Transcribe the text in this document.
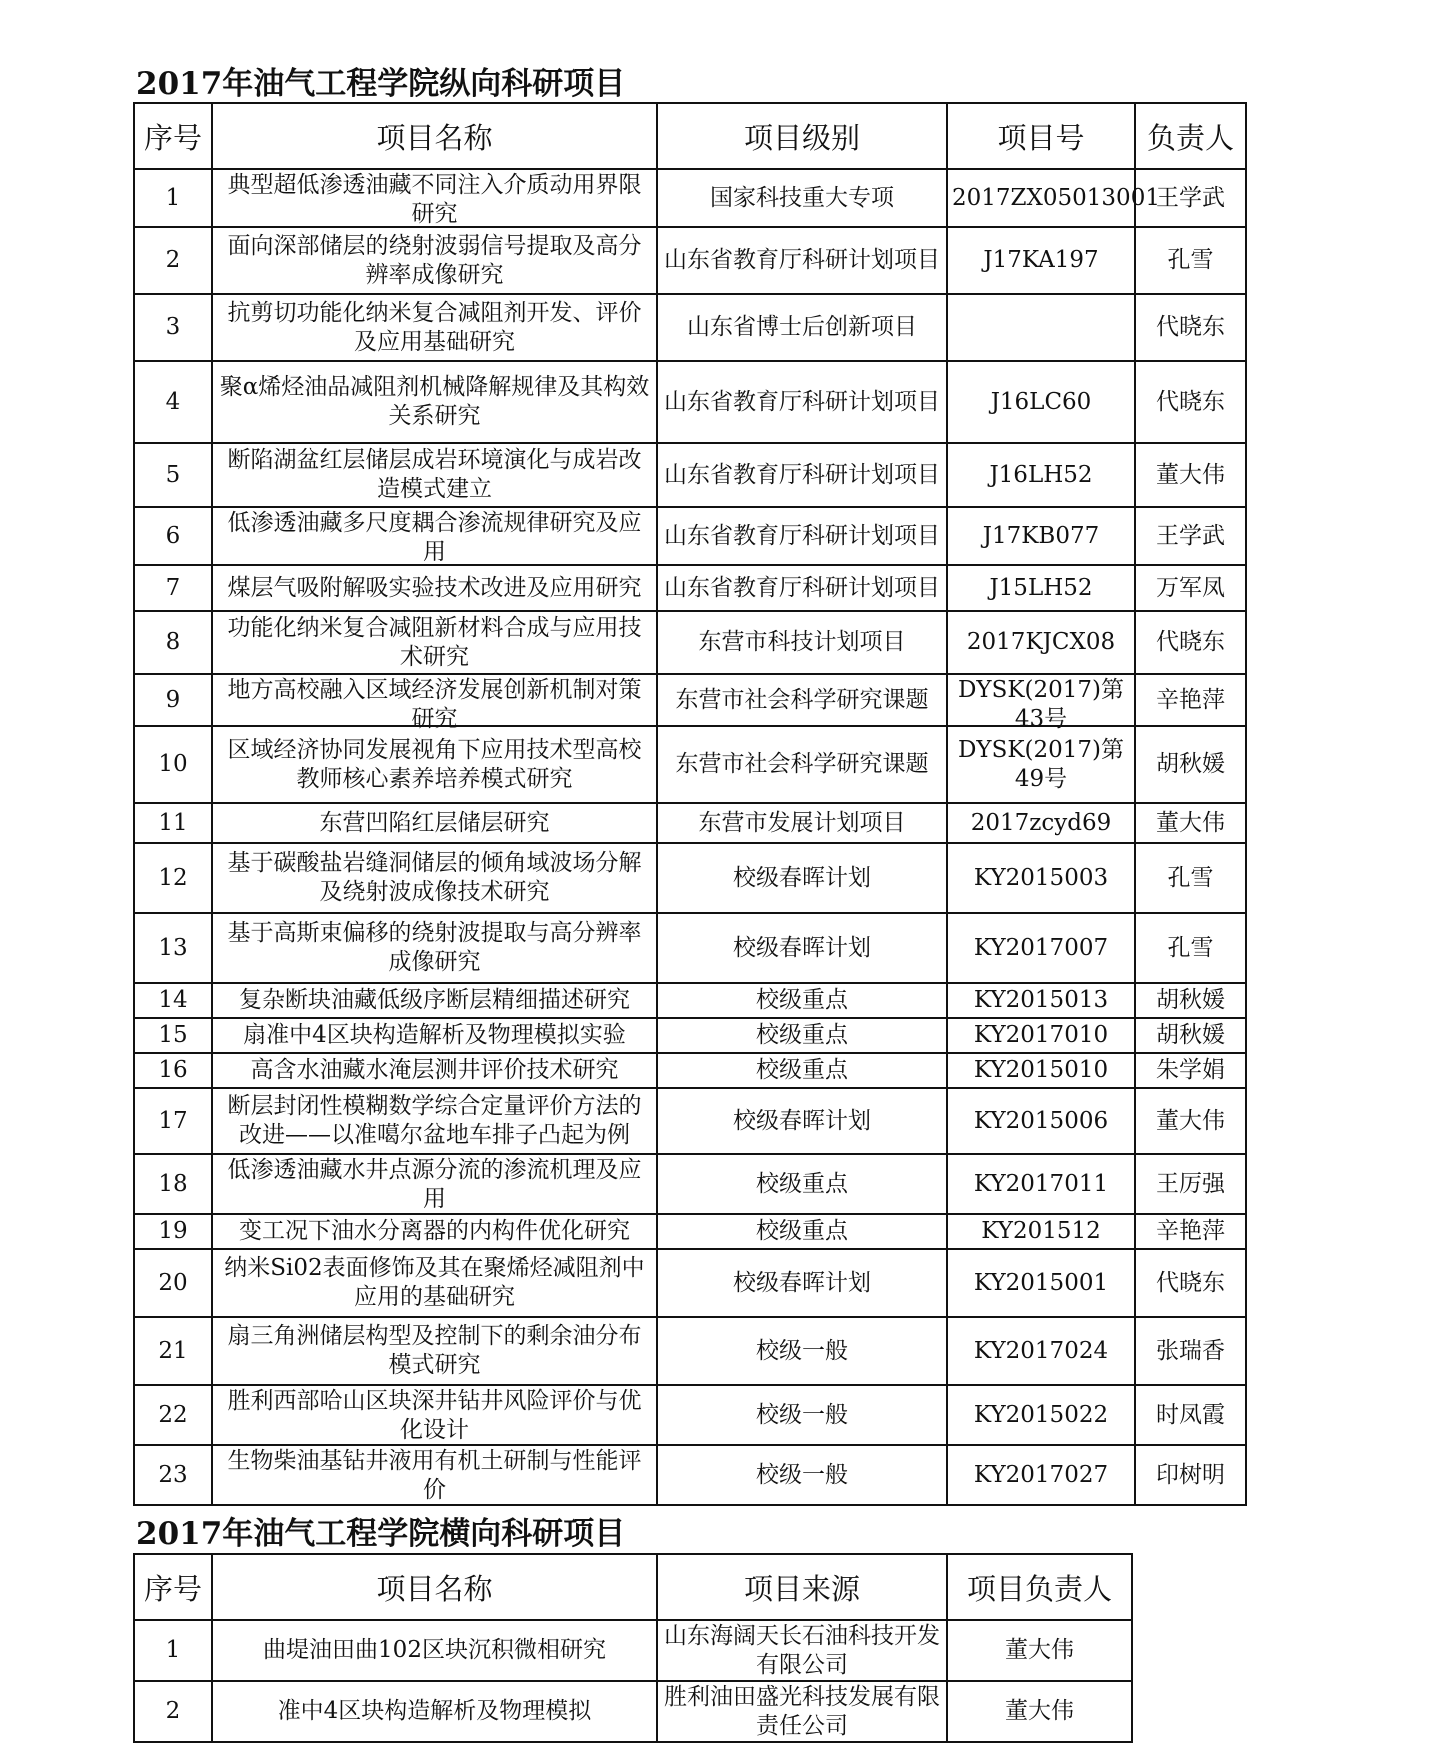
2017年油气工程学院纵向科研项目
序号	项目名称	项目级别	项目号	负责人

1	典型超低渗透油藏不同注入介质动用界限研究	国家科技重大专项	2017ZX05013001	王学武

2	面向深部储层的绕射波弱信号提取及高分辨率成像研究	山东省教育厅科研计划项目	J17KA197	孔雪

3	抗剪切功能化纳米复合减阻剂开发、评价及应用基础研究	山东省博士后创新项目		代晓东

4	聚α烯烃油品减阻剂机械降解规律及其构效关系研究	山东省教育厅科研计划项目	J16LC60	代晓东

5	断陷湖盆红层储层成岩环境演化与成岩改造模式建立	山东省教育厅科研计划项目	J16LH52	董大伟

6	低渗透油藏多尺度耦合渗流规律研究及应用	山东省教育厅科研计划项目	J17KB077	王学武

7	煤层气吸附解吸实验技术改进及应用研究	山东省教育厅科研计划项目	J15LH52	万军凤

8	功能化纳米复合减阻新材料合成与应用技术研究	东营市科技计划项目	2017KJCX08	代晓东

9	地方高校融入区域经济发展创新机制对策研究	东营市社会科学研究课题	DYSK(2017)第43号	辛艳萍

10	区域经济协同发展视角下应用技术型高校教师核心素养培养模式研究	东营市社会科学研究课题	DYSK(2017)第49号	胡秋媛

11	东营凹陷红层储层研究	东营市发展计划项目	2017zcyd69	董大伟

12	基于碳酸盐岩缝洞储层的倾角域波场分解及绕射波成像技术研究	校级春晖计划	KY2015003	孔雪

13	基于高斯束偏移的绕射波提取与高分辨率成像研究	校级春晖计划	KY2017007	孔雪

14	复杂断块油藏低级序断层精细描述研究	校级重点	KY2015013	胡秋媛

15	扇准中4区块构造解析及物理模拟实验	校级重点	KY2017010	胡秋媛

16	高含水油藏水淹层测井评价技术研究	校级重点	KY2015010	朱学娟

17	断层封闭性模糊数学综合定量评价方法的改进——以准噶尔盆地车排子凸起为例	校级春晖计划	KY2015006	董大伟

18	低渗透油藏水井点源分流的渗流机理及应用	校级重点	KY2017011	王厉强

19	变工况下油水分离器的内构件优化研究	校级重点	KY201512	辛艳萍

20	纳米Si02表面修饰及其在聚烯烃减阻剂中应用的基础研究	校级春晖计划	KY2015001	代晓东

21	扇三角洲储层构型及控制下的剩余油分布模式研究	校级一般	KY2017024	张瑞香

22	胜利西部哈山区块深井钻井风险评价与优化设计	校级一般	KY2015022	时凤霞

23	生物柴油基钻井液用有机土研制与性能评价	校级一般	KY2017027	印树明
2017年油气工程学院横向科研项目
序号	项目名称	项目来源	项目负责人

1	曲堤油田曲102区块沉积微相研究	山东海阔天长石油科技开发有限公司	董大伟

2	准中4区块构造解析及物理模拟	胜利油田盛光科技发展有限责任公司	董大伟
